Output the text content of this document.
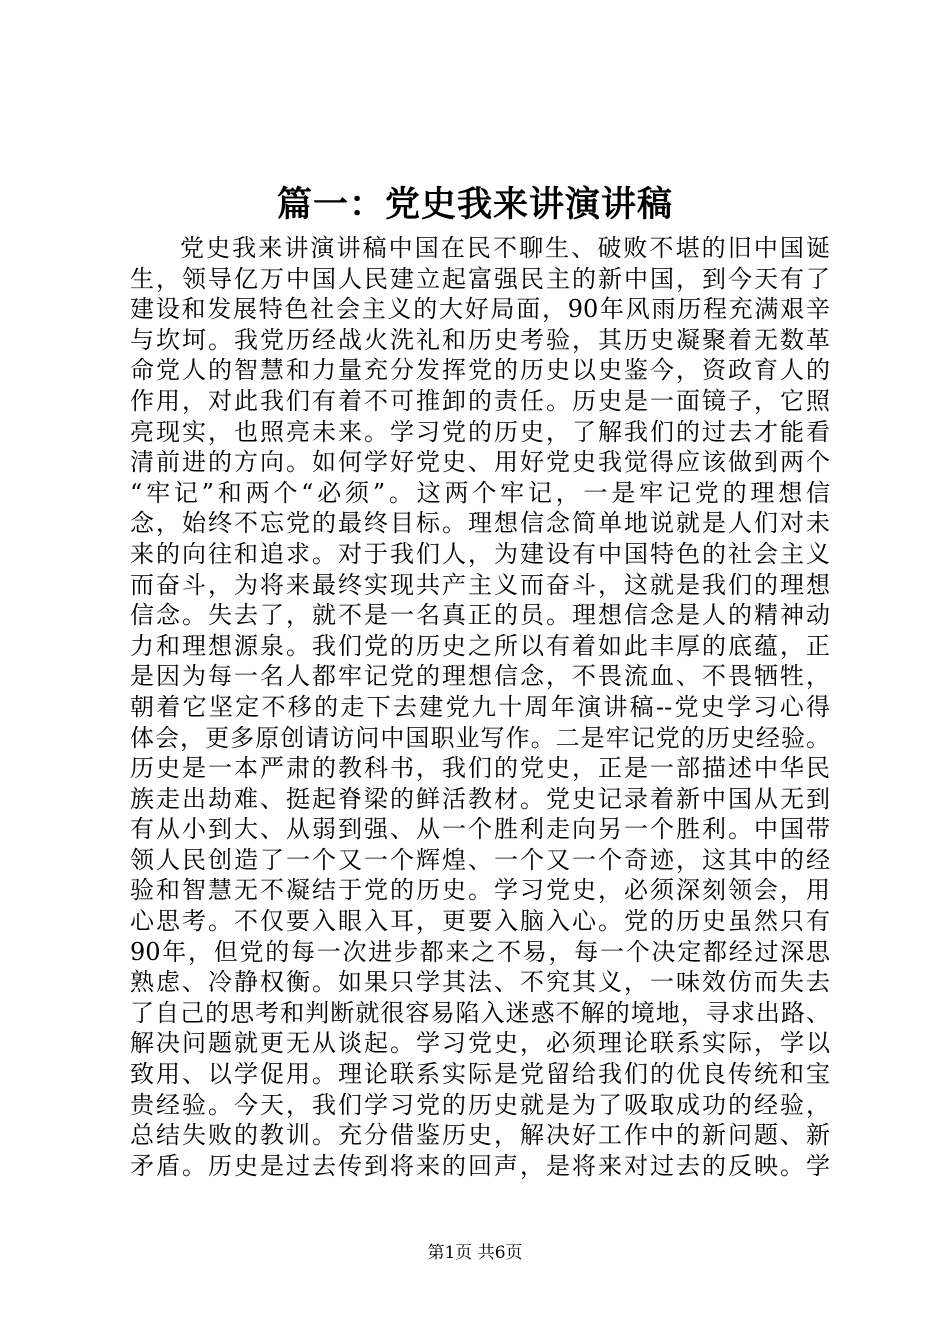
篇一：党史我来讲演讲稿
党史我来讲演讲稿中国在民不聊生、破败不堪的旧中国诞
生，领导亿万中国人民建立起富强民主的新中国，到今天有了
建设和发展特色社会主义的大好局面，90年风雨历程充满艰辛
与坎坷。我党历经战火洗礼和历史考验，其历史凝聚着无数革
命党人的智慧和力量充分发挥党的历史以史鉴今，资政育人的
作用，对此我们有着不可推卸的责任。历史是一面镜子，它照
亮现实，也照亮未来。学习党的历史，了解我们的过去才能看
清前进的方向。如何学好党史、用好党史我觉得应该做到两个
“牢记”和两个“必须”。这两个牢记，一是牢记党的理想信
念，始终不忘党的最终目标。理想信念简单地说就是人们对未
来的向往和追求。对于我们人，为建设有中国特色的社会主义
而奋斗，为将来最终实现共产主义而奋斗，这就是我们的理想
信念。失去了，就不是一名真正的员。理想信念是人的精神动
力和理想源泉。我们党的历史之所以有着如此丰厚的底蕴，正
是因为每一名人都牢记党的理想信念，不畏流血、不畏牺牲，
朝着它坚定不移的走下去建党九十周年演讲稿--党史学习心得
体会，更多原创请访问中国职业写作。二是牢记党的历史经验。
历史是一本严肃的教科书，我们的党史，正是一部描述中华民
族走出劫难、挺起脊梁的鲜活教材。党史记录着新中国从无到
有从小到大、从弱到强、从一个胜利走向另一个胜利。中国带
领人民创造了一个又一个辉煌、一个又一个奇迹，这其中的经
验和智慧无不凝结于党的历史。学习党史，必须深刻领会，用
心思考。不仅要入眼入耳，更要入脑入心。党的历史虽然只有
90年，但党的每一次进步都来之不易，每一个决定都经过深思
熟虑、冷静权衡。如果只学其法、不究其义，一味效仿而失去
了自己的思考和判断就很容易陷入迷惑不解的境地，寻求出路、
解决问题就更无从谈起。学习党史，必须理论联系实际，学以
致用、以学促用。理论联系实际是党留给我们的优良传统和宝
贵经验。今天，我们学习党的历史就是为了吸取成功的经验，
总结失败的教训。充分借鉴历史，解决好工作中的新问题、新
矛盾。历史是过去传到将来的回声，是将来对过去的反映。学
第1页 共6页
